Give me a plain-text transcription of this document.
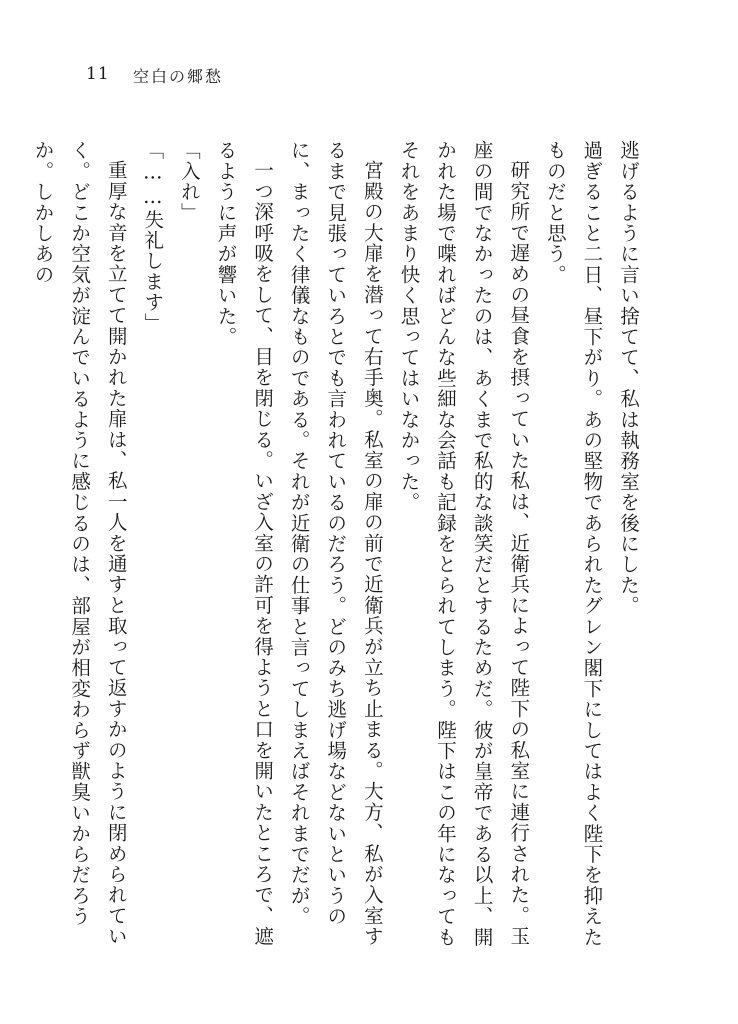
11 空白の郷愁

逃げるように言い捨てて、私は執務室を後にした。

過ぎること二日、昼下がり。あの堅物であられたグレン閣下にしてはよく陛下を抑えたものだと思う。

研究所で遅めの昼食を摂っていた私は、近衛兵によって陛下の私室に連行された。玉座の間でなかったのは、あくまで私的な談笑だとするためだ。彼が皇帝である以上、開かれた場で喋ればどんな些細な会話も記録をとられてしまう。陛下はこの年になってもそれをあまり快く思ってはいなかった。

宮殿の大扉を潜って右手奥。私室の扉の前で近衛兵が立ち止まる。大方、私が入室するまで見張っていろとでも言われているのだろう。どのみち逃げ場などないというのに、まったく律儀なものである。それが近衛の仕事と言ってしまえばそれまでだが。

一つ深呼吸をして、目を閉じる。いざ入室の許可を得ようと口を開いたところで、遮るように声が響いた。

「入れ」

「……失礼します」

重厚な音を立てて開かれた扉は、私一人を通すと取って返すかのように閉められていく。どこか空気が淀んでいるように感じるのは、部屋が相変わらず獣臭いからだろうか。しかしあの
